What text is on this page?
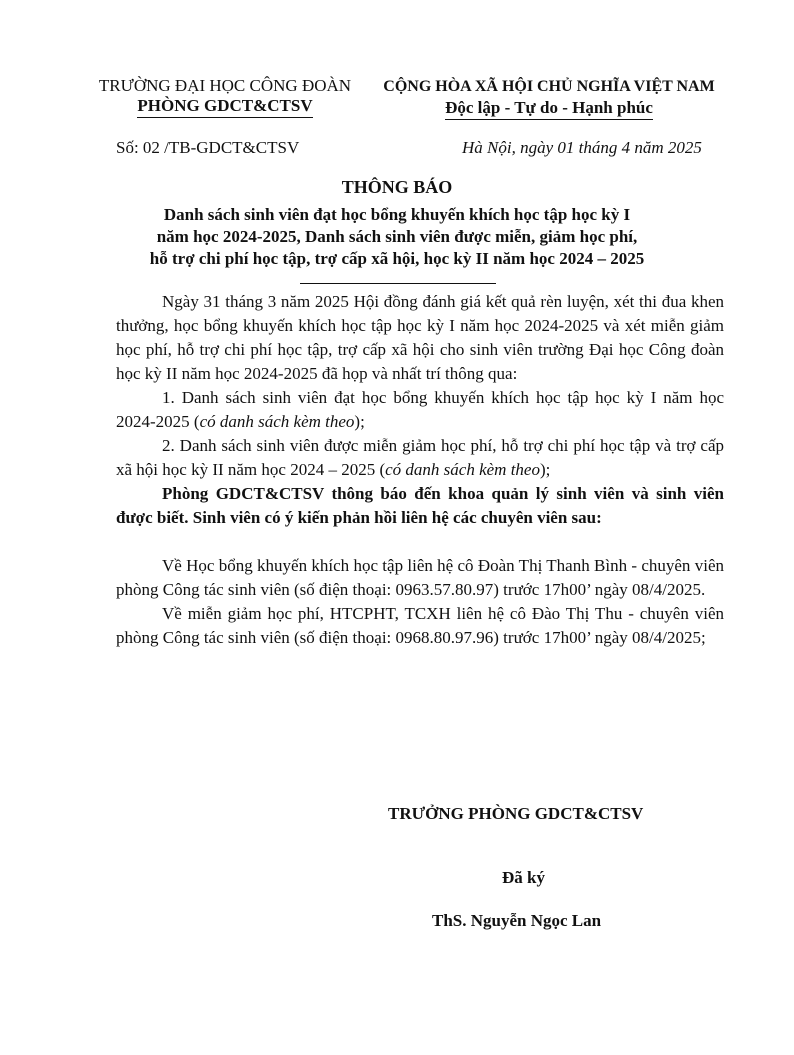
TRƯỜNG ĐẠI HỌC CÔNG ĐOÀN
PHÒNG GDCT&CTSV
CỘNG HÒA XÃ HỘI CHỦ NGHĨA VIỆT NAM
Độc lập - Tự do - Hạnh phúc
Số: 02 /TB-GDCT&CTSV	Hà Nội, ngày 01 tháng 4 năm 2025
THÔNG BÁO
Danh sách sinh viên đạt học bổng khuyến khích học tập học kỳ I
năm học 2024-2025, Danh sách sinh viên được miễn, giảm học phí,
hỗ trợ chi phí học tập, trợ cấp xã hội, học kỳ II năm học 2024 – 2025

Ngày 31 tháng 3 năm 2025 Hội đồng đánh giá kết quả rèn luyện, xét thi đua khen thưởng, học bổng khuyến khích học tập học kỳ I năm học 2024-2025 và xét miễn giảm học phí, hỗ trợ chi phí học tập, trợ cấp xã hội cho sinh viên trường Đại học Công đoàn học kỳ II năm học 2024-2025 đã họp và nhất trí thông qua:

1. Danh sách sinh viên đạt học bổng khuyến khích học tập học kỳ I năm học 2024-2025 (có danh sách kèm theo);

2. Danh sách sinh viên được miễn giảm học phí, hỗ trợ chi phí học tập và trợ cấp xã hội học kỳ II năm học 2024 – 2025 (có danh sách kèm theo);

Phòng GDCT&CTSV thông báo đến khoa quản lý sinh viên và sinh viên được biết. Sinh viên có ý kiến phản hồi liên hệ các chuyên viên sau:

Về Học bổng khuyến khích học tập liên hệ cô Đoàn Thị Thanh Bình - chuyên viên phòng Công tác sinh viên (số điện thoại: 0963.57.80.97) trước 17h00’ ngày 08/4/2025.

Về miễn giảm học phí, HTCPHT, TCXH liên hệ cô Đào Thị Thu - chuyên viên phòng Công tác sinh viên (số điện thoại: 0968.80.97.96) trước 17h00’ ngày 08/4/2025;

TRƯỞNG PHÒNG GDCT&CTSV
Đã ký
ThS. Nguyễn Ngọc Lan
